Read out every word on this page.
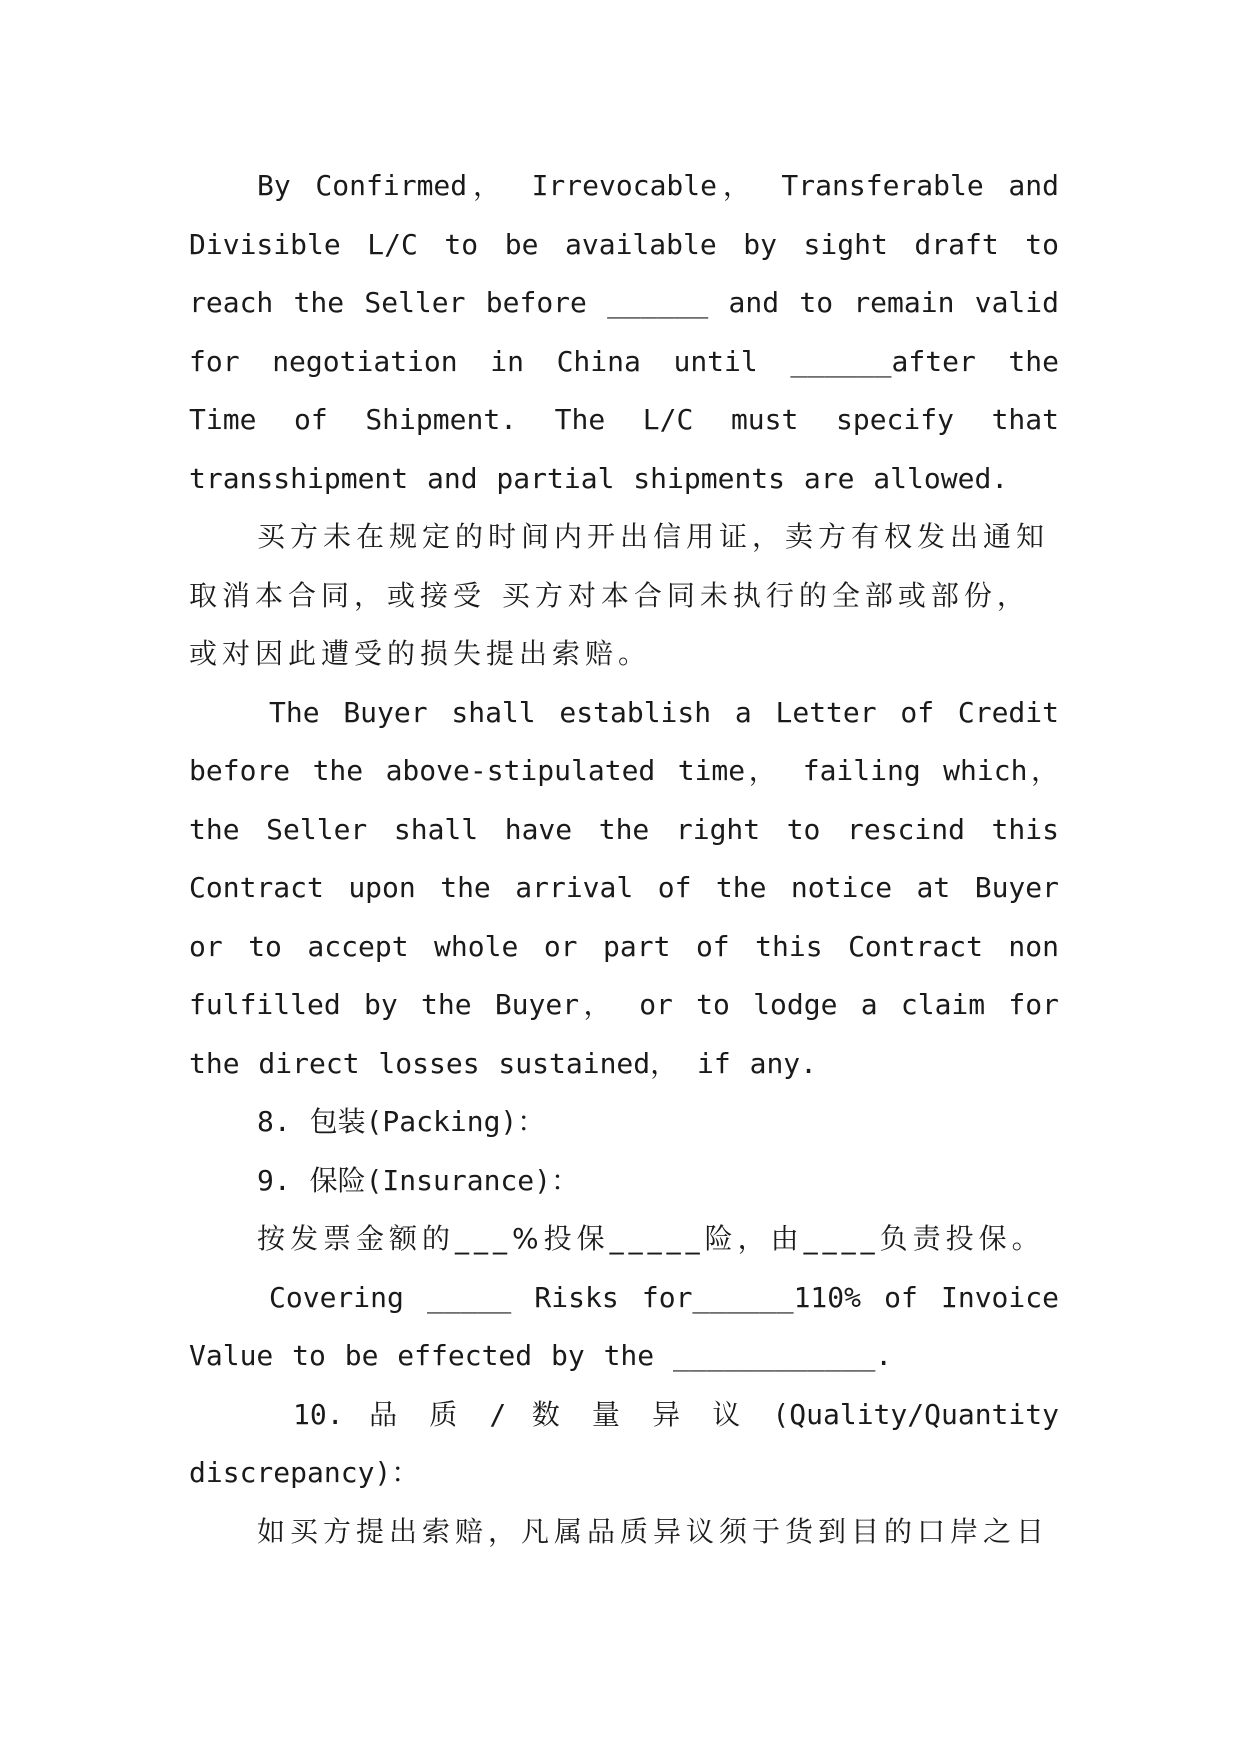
By Confirmed， Irrevocable， Transferable and Divisible L/C to be available by sight draft to reach the Seller before ______ and to remain valid for negotiation in China until ______after the Time of Shipment. The L/C must specify that transshipment and partial shipments are allowed.

买方未在规定的时间内开出信用证，卖方有权发出通知取消本合同，或接受 买方对本合同未执行的全部或部份，或对因此遭受的损失提出索赔。

The Buyer shall establish a Letter of Credit before the above-stipulated time， failing which， the Seller shall have the right to rescind this Contract upon the arrival of the notice at Buyer or to accept whole or part of this Contract non fulfilled by the Buyer， or to lodge a claim for the direct losses sustained， if any.

8. 包装(Packing)：

9. 保险(Insurance)：

按发票金额的___%投保_____险，由____负责投保。

Covering _____ Risks for______110% of Invoice Value to be effected by the ____________.

10. 品 质 / 数 量 异 议 (Quality/Quantity discrepancy)：

如买方提出索赔，凡属品质异议须于货到目的口岸之日
